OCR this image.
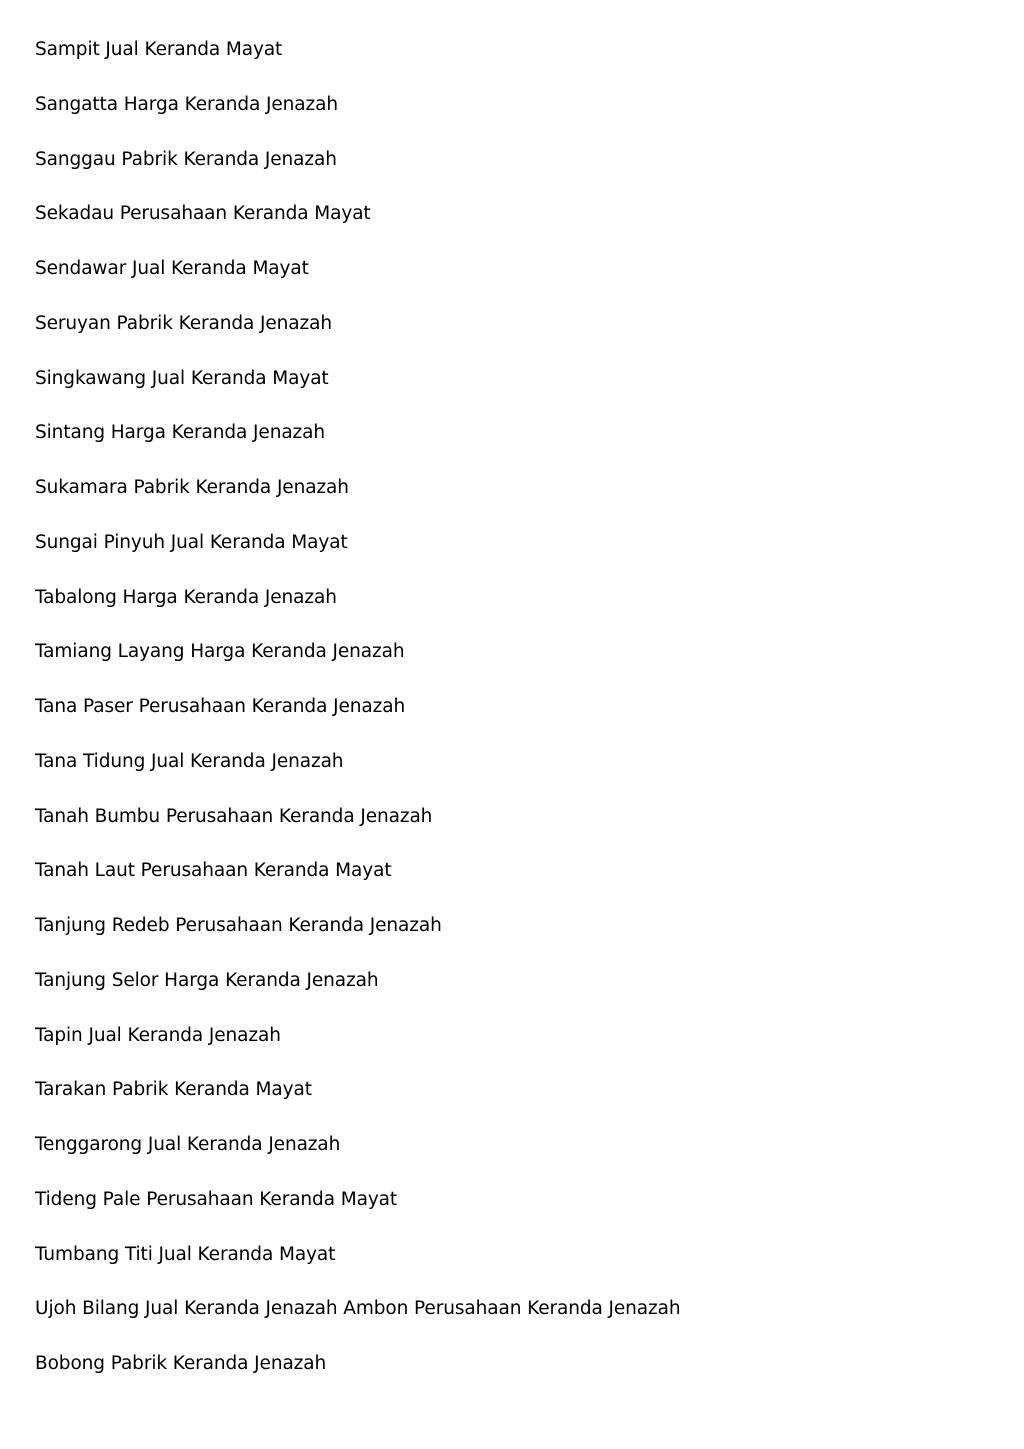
Sampit Jual Keranda Mayat
Sangatta Harga Keranda Jenazah
Sanggau Pabrik Keranda Jenazah
Sekadau Perusahaan Keranda Mayat
Sendawar Jual Keranda Mayat
Seruyan Pabrik Keranda Jenazah
Singkawang Jual Keranda Mayat
Sintang Harga Keranda Jenazah
Sukamara Pabrik Keranda Jenazah
Sungai Pinyuh Jual Keranda Mayat
Tabalong Harga Keranda Jenazah
Tamiang Layang Harga Keranda Jenazah
Tana Paser Perusahaan Keranda Jenazah
Tana Tidung Jual Keranda Jenazah
Tanah Bumbu Perusahaan Keranda Jenazah
Tanah Laut Perusahaan Keranda Mayat
Tanjung Redeb Perusahaan Keranda Jenazah
Tanjung Selor Harga Keranda Jenazah
Tapin Jual Keranda Jenazah
Tarakan Pabrik Keranda Mayat
Tenggarong Jual Keranda Jenazah
Tideng Pale Perusahaan Keranda Mayat
Tumbang Titi Jual Keranda Mayat
Ujoh Bilang Jual Keranda Jenazah Ambon Perusahaan Keranda Jenazah
Bobong Pabrik Keranda Jenazah
